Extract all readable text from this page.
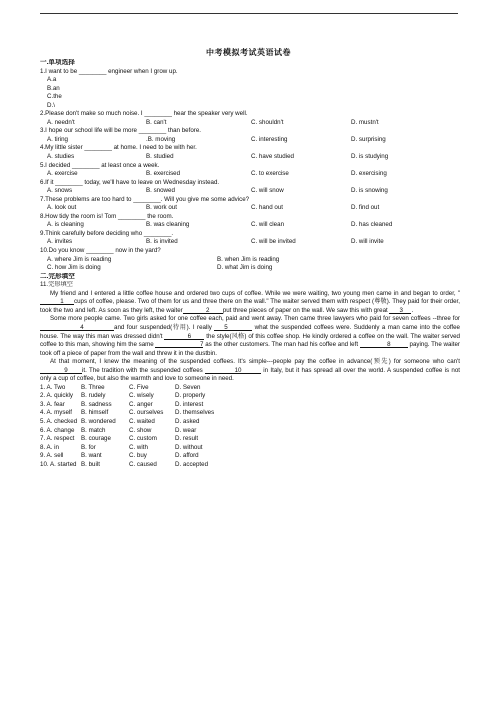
中考模拟考试英语试卷
一.单项选择
1.I want to be ________ engineer when I grow up.
A.a
B.an
C.the
D.\
2.Please don't make so much noise. I ________ hear the speaker very well.
A. needn't	B. can't	C. shouldn't	D. mustn't
3.I hope our school life will be more ________ than before.
A. tiring	.B. moving	C. interesting	D. surprising
4.My little sister ________ at home. I need to be with her.
A. studies	B. studied	C. have studied	D. is studying
5.I decided ________ at least once a week.
A. exercise	B. exercised	C. to exercise	D. exercising
6.If it ________ today, we'll have to leave on Wednesday instead.
A. snows	B. snowed	C. will snow	D. is snowing
7.These problems are too hard to ________. Will you give me some advice?
A. look out	B. work out	C. hand out	D. find out
8.How tidy the room is! Tom ________ the room.
A. is cleaning	B. was cleaning	C. will clean	D. has cleaned
9.Think carefully before deciding who ________.
A. invites	B. is invited	C. will be invited	D. will invite
10.Do you know ________ now in the yard?
A. where Jim is reading	B. when Jim is reading
C. how Jim is doing	D. what Jim is doing
二.完形填空
11.完形填空
My friend and I entered a little coffee house and ordered two cups of coffee. While we were waiting, two young men came in and began to order, "1 cups of coffee, please. Two of them for us and three there on the wall." The waiter served them with respect (尊敬). They paid for their order, took the two and left. As soon as they left, the waiter	2 put three pieces of paper on the wall. We saw this with great 3 .
Some more people came. Two girls asked for one coffee each, paid and went away. Then came three lawyers who paid for seven coffees --three for 4	and four suspended(待用). I really 5	what the suspended coffees were. Suddenly a man came into the coffee house. The way this man was dressed didn't	6 the style(风格) of this coffee shop. He kindly ordered a coffee on the wall. The waiter served coffee to this man, showing him the same	7 as the other customers. The man had his coffee and left	8	paying. The waiter took off a piece of paper from the wall and threw it in the dustbin.
At that moment, I knew the meaning of the suspended coffees. It's simple---people pay the coffee in advance(预先) for someone who can't 9 it. The tradition with the suspended coffees	10	in Italy, but it has spread all over the world. A suspended coffee is not only a cup of coffee, but also the warmth and love to someone in need.
1. A. Two	B. Three	C. Five	D. Seven
2. A. quickly	B. rudely	C. wisely	D. properly
3. A. fear	B. sadness	C. anger	D. interest
4. A. myself	B. himself	C. ourselves	D. themselves
5. A. checked B. wondered	C. waited	D. asked
6. A. change	B. match	C. show	D. wear
7. A. respect	B. courage	C. custom	D. result
8. A. in	B. for	C. with	D. without
9. A. sell	B. want	C. buy	D. afford
10. A. started B. built	C. caused	D. accepted
